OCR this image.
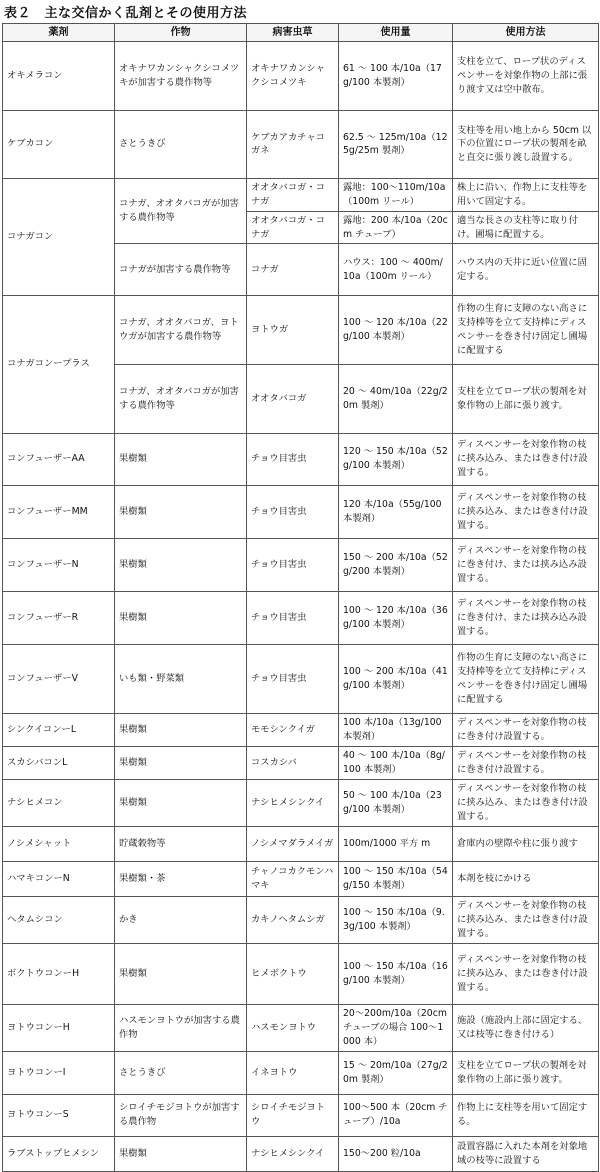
表２　主な交信かく乱剤とその使用方法
薬剤	作物	病害虫草	使用量	使用方法
オキメラコン	オキナワカンシャクシコメツキが加害する農作物等	オキナワカンシャクシコメツキ	61 ～ 100 本/10a（17g/100 本製剤）	支柱を立て、ロープ状のディスペンサーを対象作物の上部に張り渡す又は空中散布。
ケブカコン	さとうきび	ケブカアカチャコガネ	62.5 ～ 125m/10a（125g/25m 製剤）	支柱等を用い地上から 50cm 以下の位置にロープ状の製剤を畝と直交に張り渡し設置する。
コナガコン	コナガ、オオタバコガが加害する農作物等	オオタバコガ・コナガ	露地：100～110m/10a（100m リール）	株上に沿い、作物上に支柱等を用いて固定する。
		オオタバコガ・コナガ	露地：200 本/10a（20cm チューブ）	適当な長さの支柱等に取り付け、圃場に配置する。
	コナガが加害する農作物等	コナガ	ハウス：100 ～ 400m/10a（100m リール）	ハウス内の天井に近い位置に固定する。
コナガコンープラス	コナガ、オオタバコガ、ヨトウガが加害する農作物等	ヨトウガ	100 ～ 120 本/10a（22g/100 本製剤）	作物の生育に支障のない高さに支持棒等を立て支持棒にディスペンサーを巻き付け固定し圃場に配置する
	コナガ、オオタバコガが加害する農作物等	オオタバコガ	20 ～ 40m/10a（22g/20m 製剤）	支柱を立てロープ状の製剤を対象作物の上部に張り渡す。
コンフューザーAA	果樹類	チョウ目害虫	120 ～ 150 本/10a（52g/100 本製剤）	ディスペンサーを対象作物の枝に挟み込み、または巻き付け設置する。
コンフューザーMM	果樹類	チョウ目害虫	120 本/10a（55g/100 本製剤）	ディスペンサーを対象作物の枝に挟み込み、または巻き付け設置する。
コンフューザーN	果樹類	チョウ目害虫	150 ～ 200 本/10a（52g/200 本製剤）	ディスペンサーを対象作物の枝に巻き付け、または挟み込み設置する。
コンフューザーR	果樹類	チョウ目害虫	100 ～ 120 本/10a（36g/100 本製剤）	ディスペンサーを対象作物の枝に巻き付け、または挟み込み設置する。
コンフューザーV	いも類・野菜類	チョウ目害虫	100 ～ 200 本/10a（41g/100 本製剤）	作物の生育に支障のない高さに支持棒等を立て支持棒にディスペンサーを巻き付け固定し圃場に配置する
シンクイコンーL	果樹類	モモシンクイガ	100 本/10a（13g/100 本製剤）	ディスペンサーを対象作物の枝に巻き付け設置する。
スカシバコンL	果樹類	コスカシバ	40 ～ 100 本/10a（8g/100 本製剤）	ディスペンサーを対象作物の枝に巻き付け設置する。
ナシヒメコン	果樹類	ナシヒメシンクイ	50 ～ 100 本/10a（23g/100 本製剤）	ディスペンサーを対象作物の枝に挟み込み、または巻き付け設置する。
ノシメシャット	貯蔵穀物等	ノシメマダラメイガ	100m/1000 平方 m	倉庫内の壁際や柱に張り渡す
ハマキコンーN	果樹類・茶	チャノコカクモンハマキ	100 ～ 150 本/10a（54g/150 本製剤）	本剤を枝にかける
ヘタムシコン	かき	カキノヘタムシガ	100 ～ 150 本/10a（9.3g/100 本製剤）	ディスペンサーを対象作物の枝に挟み込み、または巻き付け設置する。
ボクトウコンーH	果樹類	ヒメボクトウ	100 ～ 150 本/10a（16g/100 本製剤）	ディスペンサーを対象作物の枝に挟み込み、または巻き付け設置する。
ヨトウコンーH	ハスモンヨトウが加害する農作物	ハスモンヨトウ	20～200m/10a（20cm チューブの場合 100～1000 本）	施設（施設内上部に固定する、又は枝等に巻き付ける）
ヨトウコンーI	さとうきび	イネヨトウ	15 ～ 20m/10a（27g/20m 製剤）	支柱を立てロープ状の製剤を対象作物の上部に張り渡す。
ヨトウコンーS	シロイチモジヨトウが加害する農作物	シロイチモジヨトウ	100～500 本（20cm チューブ）/10a	作物上に支柱等を用いて固定する。
ラブストップヒメシン	果樹類	ナシヒメシンクイ	150～200 粒/10a	設置容器に入れた本剤を対象地域の枝等に設置する
